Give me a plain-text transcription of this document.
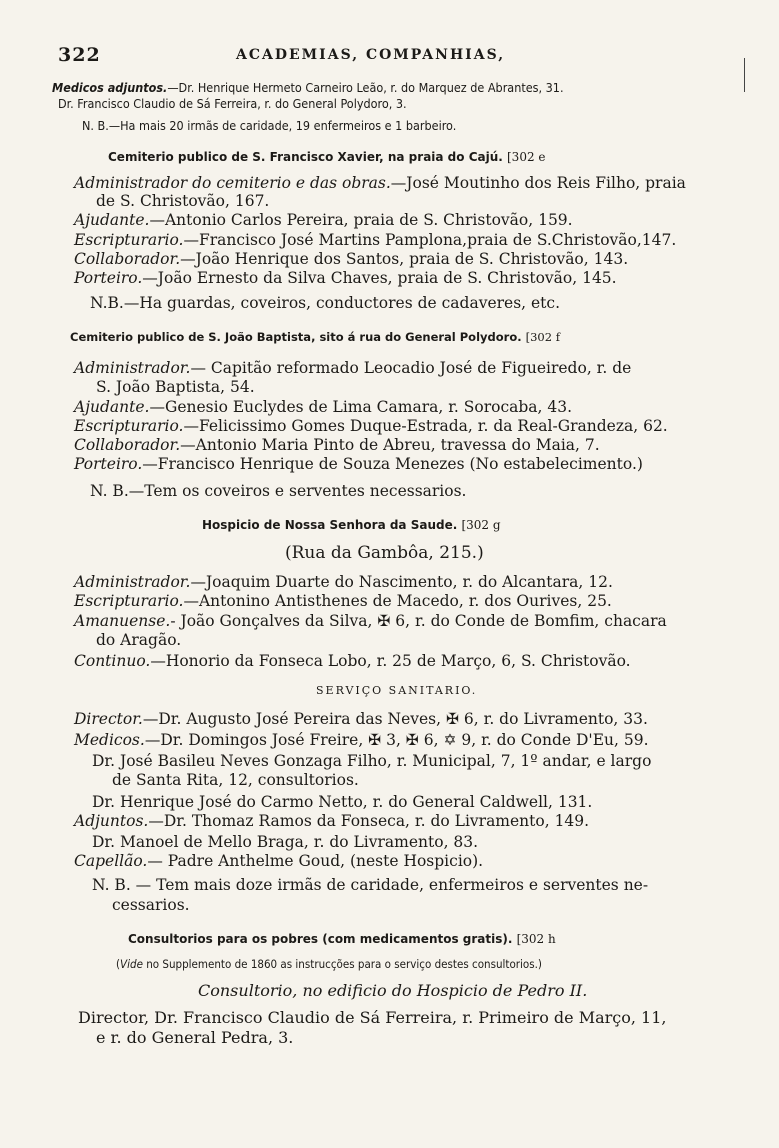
322	ACADEMIAS, COMPANHIAS,
Medicos adjuntos.—Dr. Henrique Hermeto Carneiro Leão, r. do Marquez de Abrantes, 31.
Dr. Francisco Claudio de Sá Ferreira, r. do General Polydoro, 3.
N. B.—Ha mais 20 irmãs de caridade, 19 enfermeiros e 1 barbeiro.
Cemiterio publico de S. Francisco Xavier, na praia do Cajú. [302 e
Administrador do cemiterio e das obras.—José Moutinho dos Reis Filho, praia
de S. Christovão, 167.
Ajudante.—Antonio Carlos Pereira, praia de S. Christovão, 159.
Escripturario.—Francisco José Martins Pamplona,praia de S.Christovão,147.
Collaborador.—João Henrique dos Santos, praia de S. Christovão, 143.
Porteiro.—João Ernesto da Silva Chaves, praia de S. Christovão, 145.
N.B.—Ha guardas, coveiros, conductores de cadaveres, etc.
Cemiterio publico de S. João Baptista, sito á rua do General Polydoro. [302 f
Administrador.— Capitão reformado Leocadio José de Figueiredo, r. de
S. João Baptista, 54.
Ajudante.—Genesio Euclydes de Lima Camara, r. Sorocaba, 43.
Escripturario.—Felicissimo Gomes Duque-Estrada, r. da Real-Grandeza, 62.
Collaborador.—Antonio Maria Pinto de Abreu, travessa do Maia, 7.
Porteiro.—Francisco Henrique de Souza Menezes (No estabelecimento.)
N. B.—Tem os coveiros e serventes necessarios.
Hospicio de Nossa Senhora da Saude. [302 g
(Rua da Gambôa, 215.)
Administrador.—Joaquim Duarte do Nascimento, r. do Alcantara, 12.
Escripturario.—Antonino Antisthenes de Macedo, r. dos Ourives, 25.
Amanuense.- João Gonçalves da Silva, ✠ 6, r. do Conde de Bomfim, chacara
do Aragão.
Continuo.—Honorio da Fonseca Lobo, r. 25 de Março, 6, S. Christovão.
SERVIÇO SANITARIO.
Director.—Dr. Augusto José Pereira das Neves, ✠ 6, r. do Livramento, 33.
Medicos.—Dr. Domingos José Freire, ✠ 3, ✠ 6, ✡ 9, r. do Conde D'Eu, 59.
Dr. José Basileu Neves Gonzaga Filho, r. Municipal, 7, 1º andar, e largo
de Santa Rita, 12, consultorios.
Dr. Henrique José do Carmo Netto, r. do General Caldwell, 131.
Adjuntos.—Dr. Thomaz Ramos da Fonseca, r. do Livramento, 149.
Dr. Manoel de Mello Braga, r. do Livramento, 83.
Capellão.— Padre Anthelme Goud, (neste Hospicio).
N. B. — Tem mais doze irmãs de caridade, enfermeiros e serventes ne-
cessarios.
Consultorios para os pobres (com medicamentos gratis). [302 h
(Vide no Supplemento de 1860 as instrucções para o serviço destes consultorios.)
Consultorio, no edificio do Hospicio de Pedro II.
Director, Dr. Francisco Claudio de Sá Ferreira, r. Primeiro de Março, 11,
e r. do General Pedra, 3.
